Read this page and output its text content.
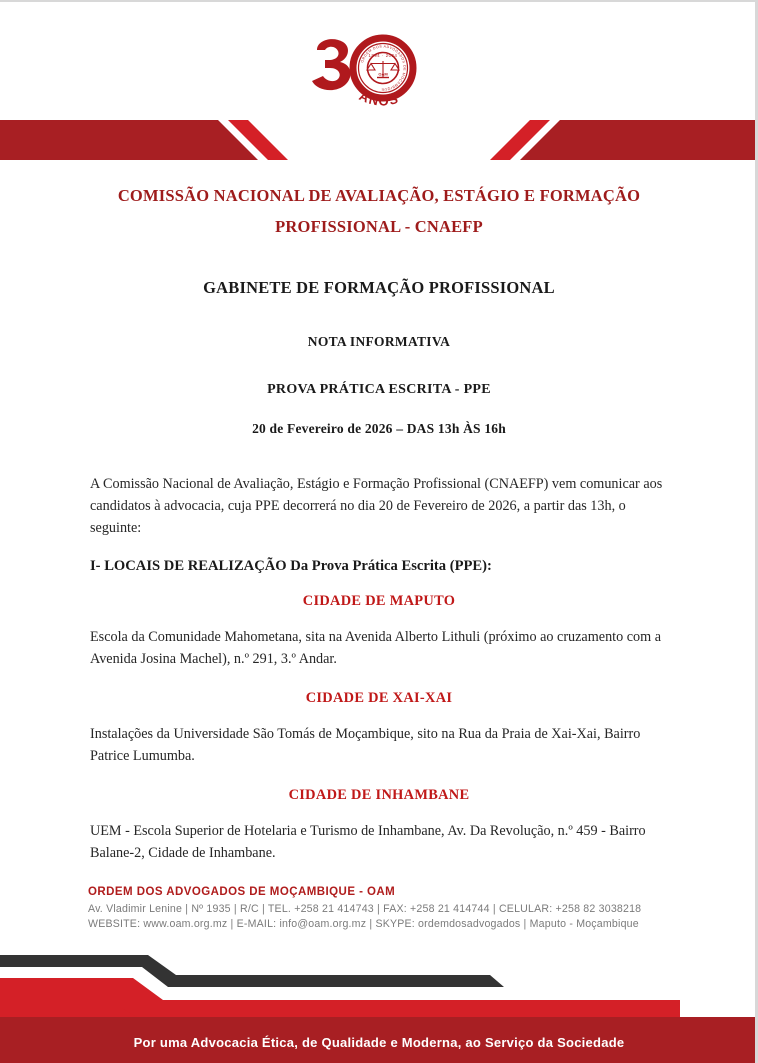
ORDEM DOS ADVOGADOS DE MOÇAMBIQUE
1994 · 2024
OAM
ANOS
COMISSÃO NACIONAL DE AVALIAÇÃO, ESTÁGIO E FORMAÇÃO
PROFISSIONAL - CNAEFP
GABINETE DE FORMAÇÃO PROFISSIONAL
NOTA INFORMATIVA
PROVA PRÁTICA ESCRITA - PPE
20 de Fevereiro de 2026 – DAS 13h ÀS 16h

A Comissão Nacional de Avaliação, Estágio e Formação Profissional (CNAEFP) vem comunicar aos candidatos à advocacia, cuja PPE decorrerá no dia 20 de Fevereiro de 2026, a partir das 13h, o seguinte:

I- LOCAIS DE REALIZAÇÃO Da Prova Prática Escrita (PPE):

CIDADE DE MAPUTO

Escola da Comunidade Mahometana, sita na Avenida Alberto Lithuli (próximo ao cruzamento com a Avenida Josina Machel), n.º 291, 3.º Andar.

CIDADE DE XAI-XAI

Instalações da Universidade São Tomás de Moçambique, sito na Rua da Praia de Xai-Xai, Bairro Patrice Lumumba.

CIDADE DE INHAMBANE

UEM - Escola Superior de Hotelaria e Turismo de Inhambane, Av. Da Revolução, n.º 459 - Bairro Balane-2, Cidade de Inhambane.

ORDEM DOS ADVOGADOS DE MOÇAMBIQUE - OAM

Av. Vladimir Lenine | Nº 1935 | R/C | TEL. +258 21 414743 | FAX: +258 21 414744 | CELULAR: +258 82 3038218

WEBSITE: www.oam.org.mz | E-MAIL: info@oam.org.mz | SKYPE: ordemdosadvogados | Maputo - Moçambique

Por uma Advocacia Ética, de Qualidade e Moderna, ao Serviço da Sociedade
